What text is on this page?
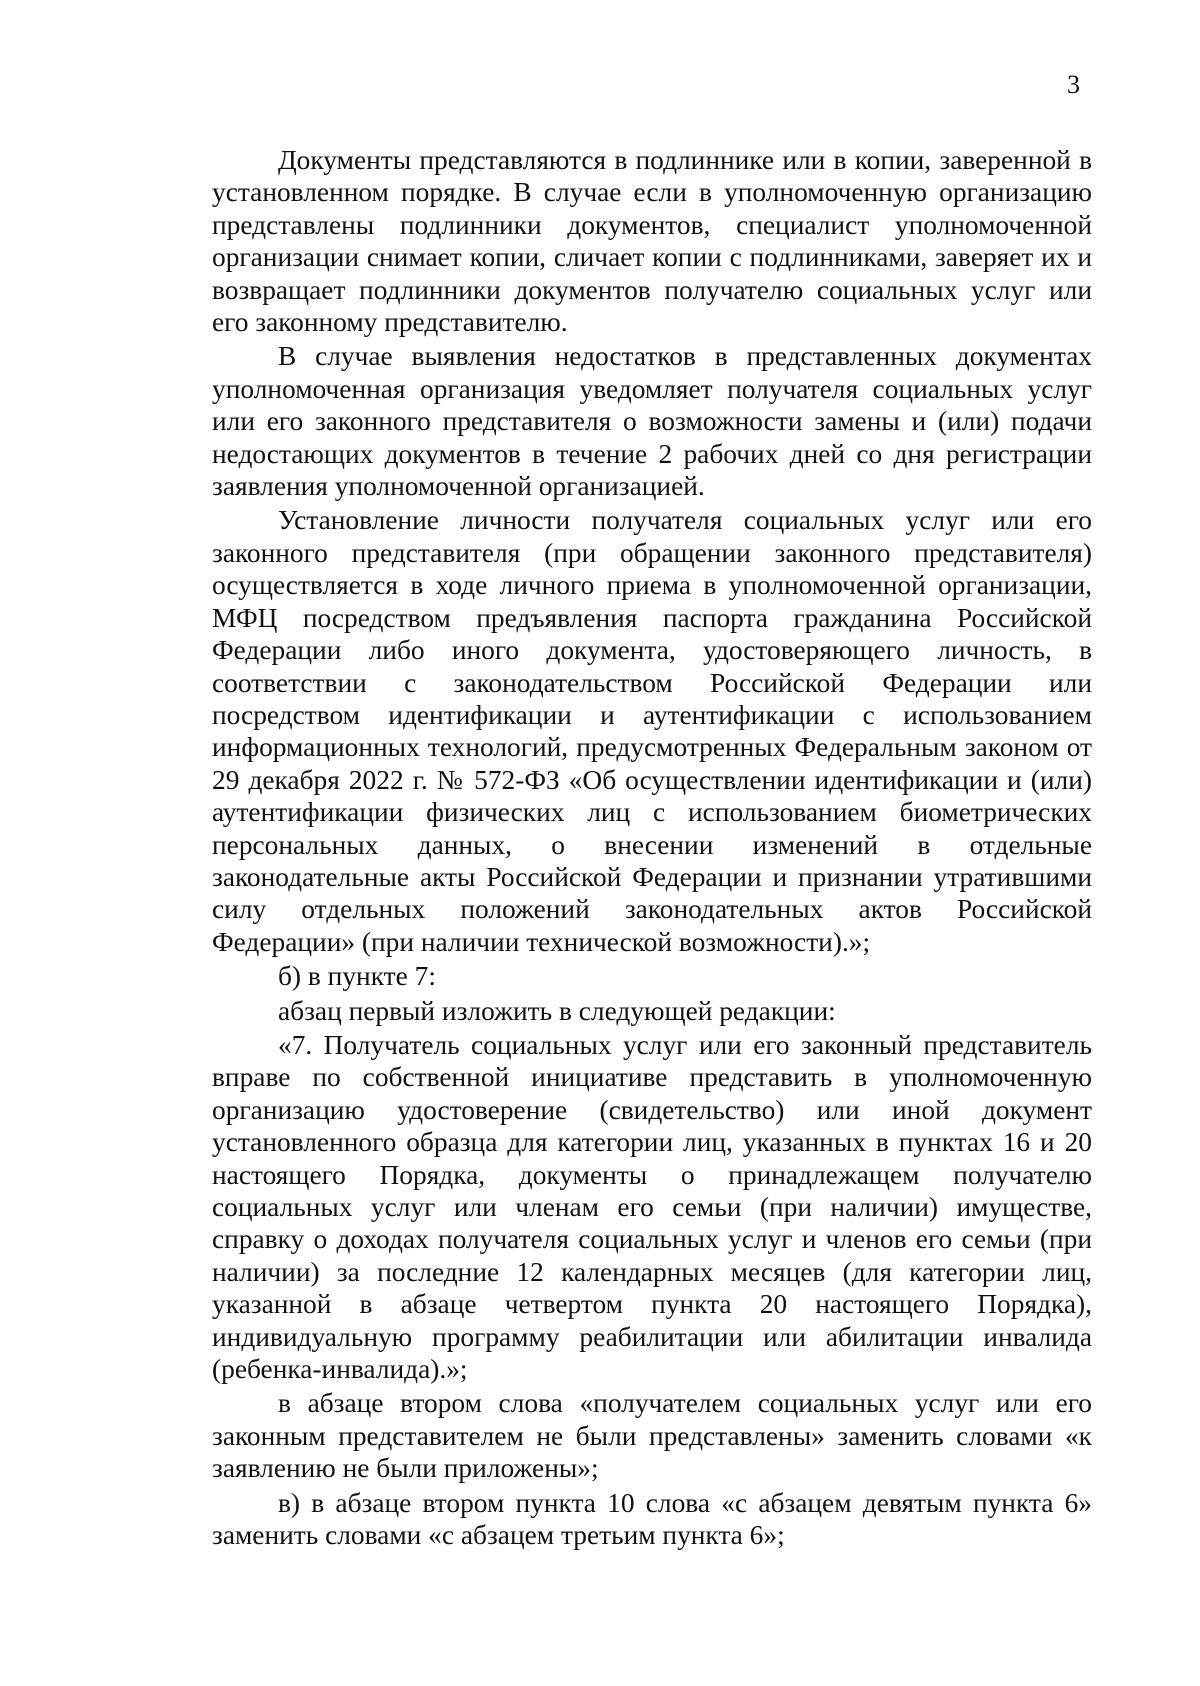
3

Документы представляются в подлиннике или в копии, заверенной в установленном порядке. В случае если в уполномоченную организацию представлены подлинники документов, специалист уполномоченной организации снимает копии, сличает копии с подлинниками, заверяет их и возвращает подлинники документов получателю социальных услуг или его законному представителю.

В случае выявления недостатков в представленных документах уполномоченная организация уведомляет получателя социальных услуг или его законного представителя о возможности замены и (или) подачи недостающих документов в течение 2 рабочих дней со дня регистрации заявления уполномоченной организацией.

Установление личности получателя социальных услуг или его законного представителя (при обращении законного представителя) осуществляется в ходе личного приема в уполномоченной организации, МФЦ посредством предъявления паспорта гражданина Российской Федерации либо иного документа, удостоверяющего личность, в соответствии с законодательством Российской Федерации или посредством идентификации и аутентификации с использованием информационных технологий, предусмотренных Федеральным законом от 29 декабря 2022 г. № 572-ФЗ «Об осуществлении идентификации и (или) аутентификации физических лиц с использованием биометрических персональных данных, о внесении изменений в отдельные законодательные акты Российской Федерации и признании утратившими силу отдельных положений законодательных актов Российской Федерации» (при наличии технической возможности).»;

б) в пункте 7:

абзац первый изложить в следующей редакции:

«7. Получатель социальных услуг или его законный представитель вправе по собственной инициативе представить в уполномоченную организацию удостоверение (свидетельство) или иной документ установленного образца для категории лиц, указанных в пунктах 16 и 20 настоящего Порядка, документы о принадлежащем получателю социальных услуг или членам его семьи (при наличии) имуществе, справку о доходах получателя социальных услуг и членов его семьи (при наличии) за последние 12 календарных месяцев (для категории лиц, указанной в абзаце четвертом пункта 20 настоящего Порядка), индивидуальную программу реабилитации или абилитации инвалида (ребенка-инвалида).»;

в абзаце втором слова «получателем социальных услуг или его законным представителем не были представлены» заменить словами «к заявлению не были приложены»;

в) в абзаце втором пункта 10 слова «с абзацем девятым пункта 6» заменить словами «с абзацем третьим пункта 6»;
